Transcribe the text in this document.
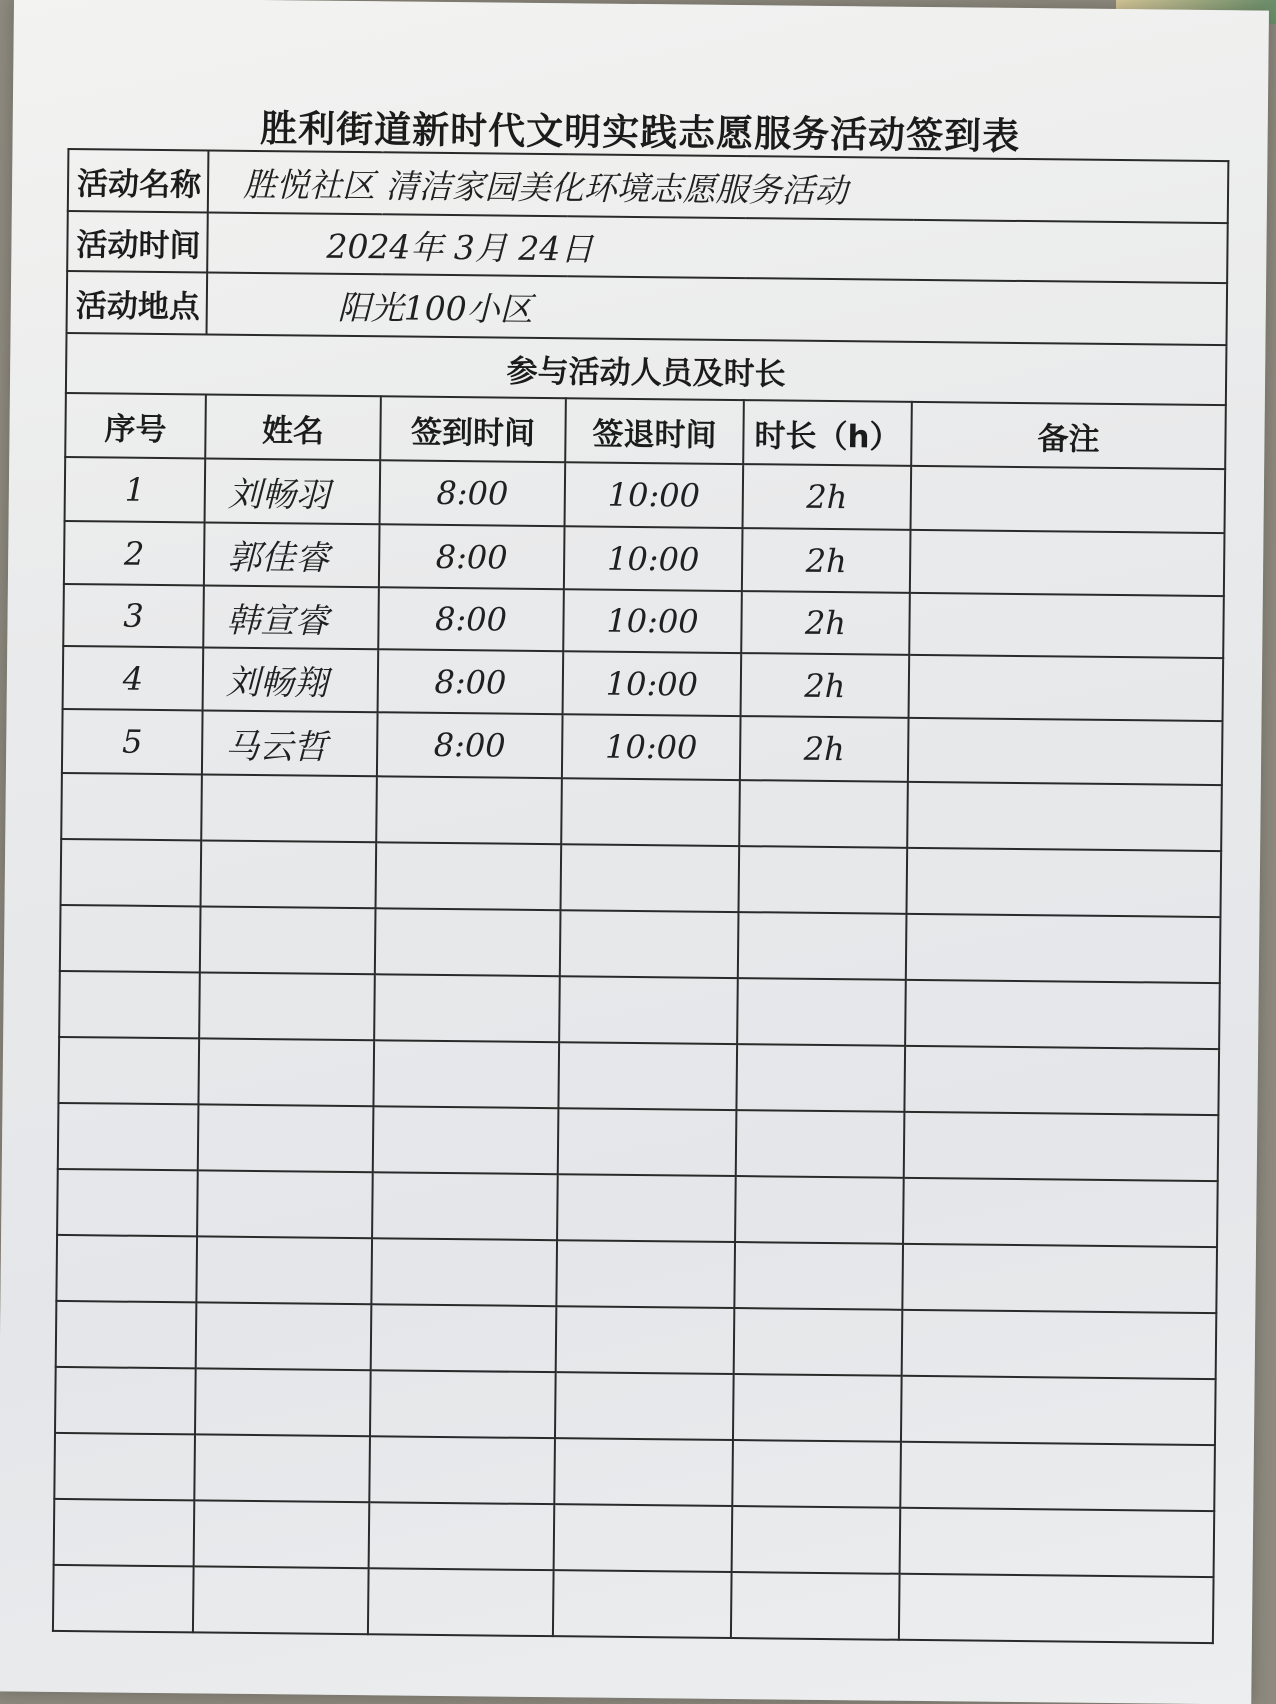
胜利街道新时代文明实践志愿服务活动签到表
活动名称	胜悦社区 清洁家园美化环境志愿服务活动				
活动时间	2024年 3月 24日				
活动地点	阳光100小区				
参与活动人员及时长					
序号	姓名	签到时间	签退时间	时长（h）	备注
1	刘畅羽	8:00	10:00	2h	
2	郭佳睿	8:00	10:00	2h	
3	韩宣睿	8:00	10:00	2h	
4	刘畅翔	8:00	10:00	2h	
5	马云哲	8:00	10:00	2h	
